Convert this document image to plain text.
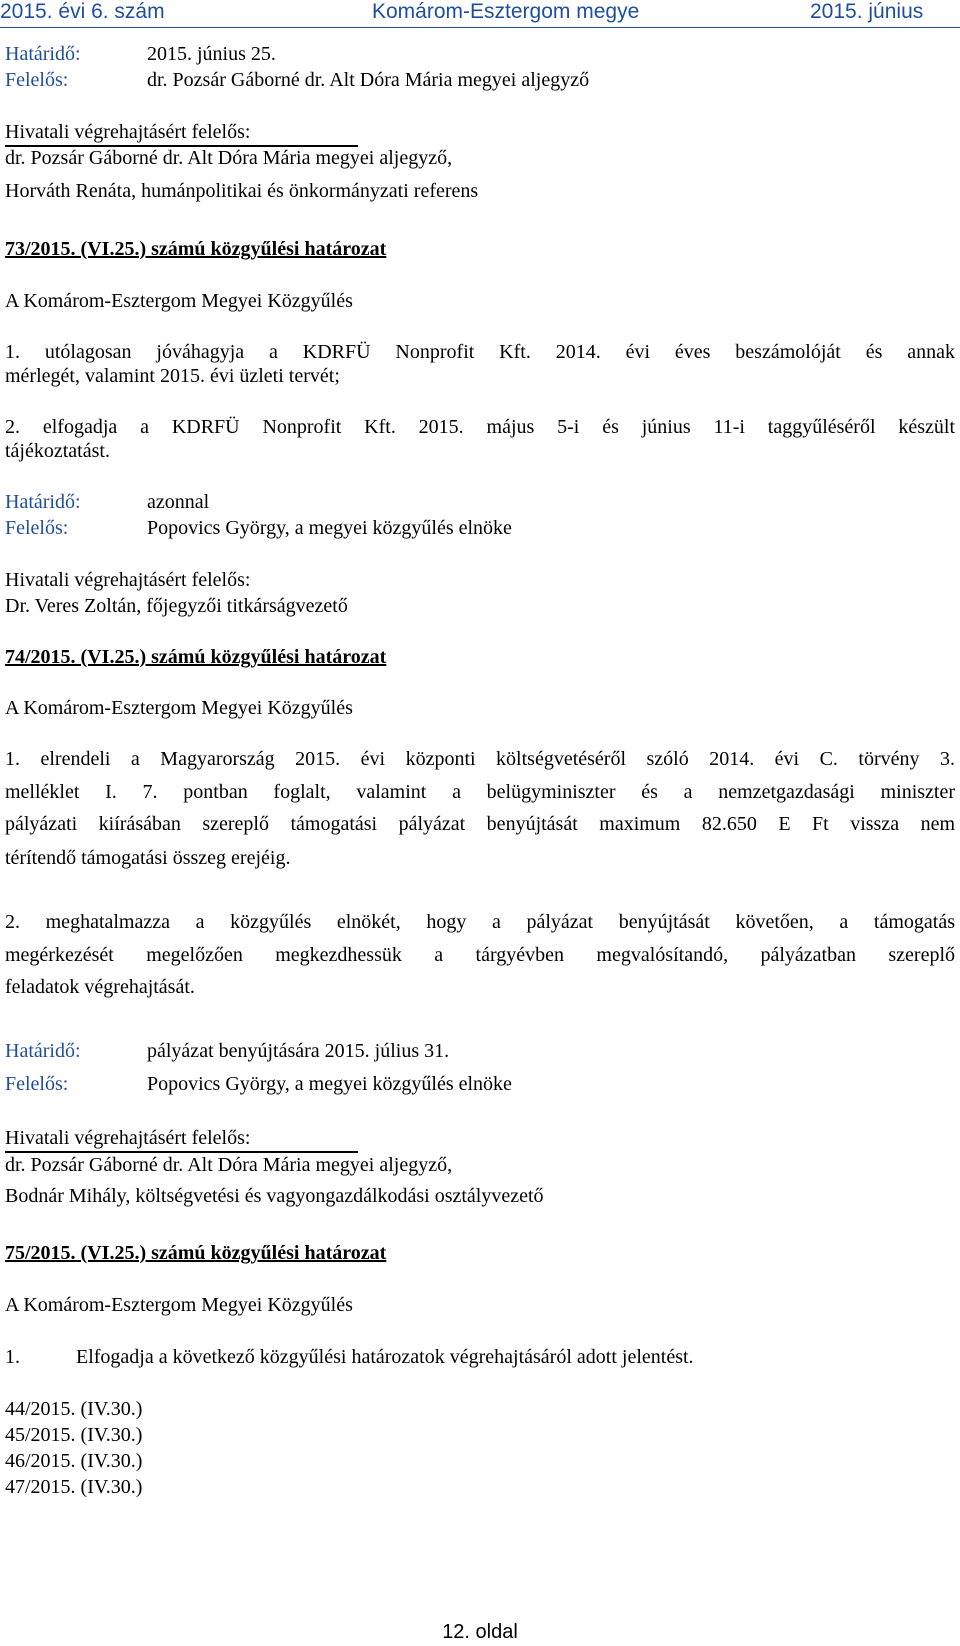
2015. évi 6. szám	Komárom-Esztergom megye	2015. június
Határidő:	2015. június 25.
Felelős:	dr. Pozsár Gáborné dr. Alt Dóra Mária megyei aljegyző
Hivatali végrehajtásért felelős:
dr. Pozsár Gáborné dr. Alt Dóra Mária megyei aljegyző,
Horváth Renáta, humánpolitikai és önkormányzati referens
73/2015. (VI.25.) számú közgyűlési határozat
A Komárom-Esztergom Megyei Közgyűlés
1. utólagosan jóváhagyja a KDRFÜ Nonprofit Kft. 2014. évi éves beszámolóját és annak
mérlegét, valamint 2015. évi üzleti tervét;
2. elfogadja a KDRFÜ Nonprofit Kft. 2015. május 5-i és június 11-i taggyűléséről készült
tájékoztatást.
Határidő:	azonnal
Felelős:	Popovics György, a megyei közgyűlés elnöke
Hivatali végrehajtásért felelős:
Dr. Veres Zoltán, főjegyzői titkárságvezető
74/2015. (VI.25.) számú közgyűlési határozat
A Komárom-Esztergom Megyei Közgyűlés
1. elrendeli a Magyarország 2015. évi központi költségvetéséről szóló 2014. évi C. törvény 3.
melléklet I. 7. pontban foglalt, valamint a belügyminiszter és a nemzetgazdasági miniszter
pályázati kiírásában szereplő támogatási pályázat benyújtását maximum 82.650 E Ft vissza nem
térítendő támogatási összeg erejéig.
2. meghatalmazza a közgyűlés elnökét, hogy a pályázat benyújtását követően, a támogatás
megérkezését megelőzően megkezdhessük a tárgyévben megvalósítandó, pályázatban szereplő
feladatok végrehajtását.
Határidő:	pályázat benyújtására 2015. július 31.
Felelős:	Popovics György, a megyei közgyűlés elnöke
Hivatali végrehajtásért felelős:
dr. Pozsár Gáborné dr. Alt Dóra Mária megyei aljegyző,
Bodnár Mihály, költségvetési és vagyongazdálkodási osztályvezető
75/2015. (VI.25.) számú közgyűlési határozat
A Komárom-Esztergom Megyei Közgyűlés
1.	Elfogadja a következő közgyűlési határozatok végrehajtásáról adott jelentést.
44/2015. (IV.30.)
45/2015. (IV.30.)
46/2015. (IV.30.)
47/2015. (IV.30.)
12. oldal
